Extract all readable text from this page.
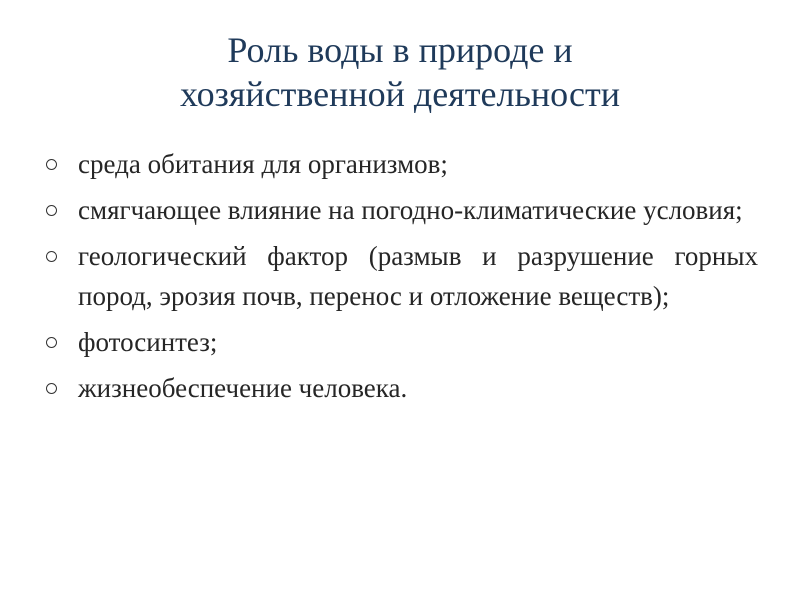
Роль воды в природе и
хозяйственной деятельности
среда обитания для организмов;
смягчающее влияние на погодно-климатические условия;
геологический фактор (размыв и разрушение горных пород, эрозия почв, перенос и отложение веществ);
фотосинтез;
жизнеобеспечение человека.
